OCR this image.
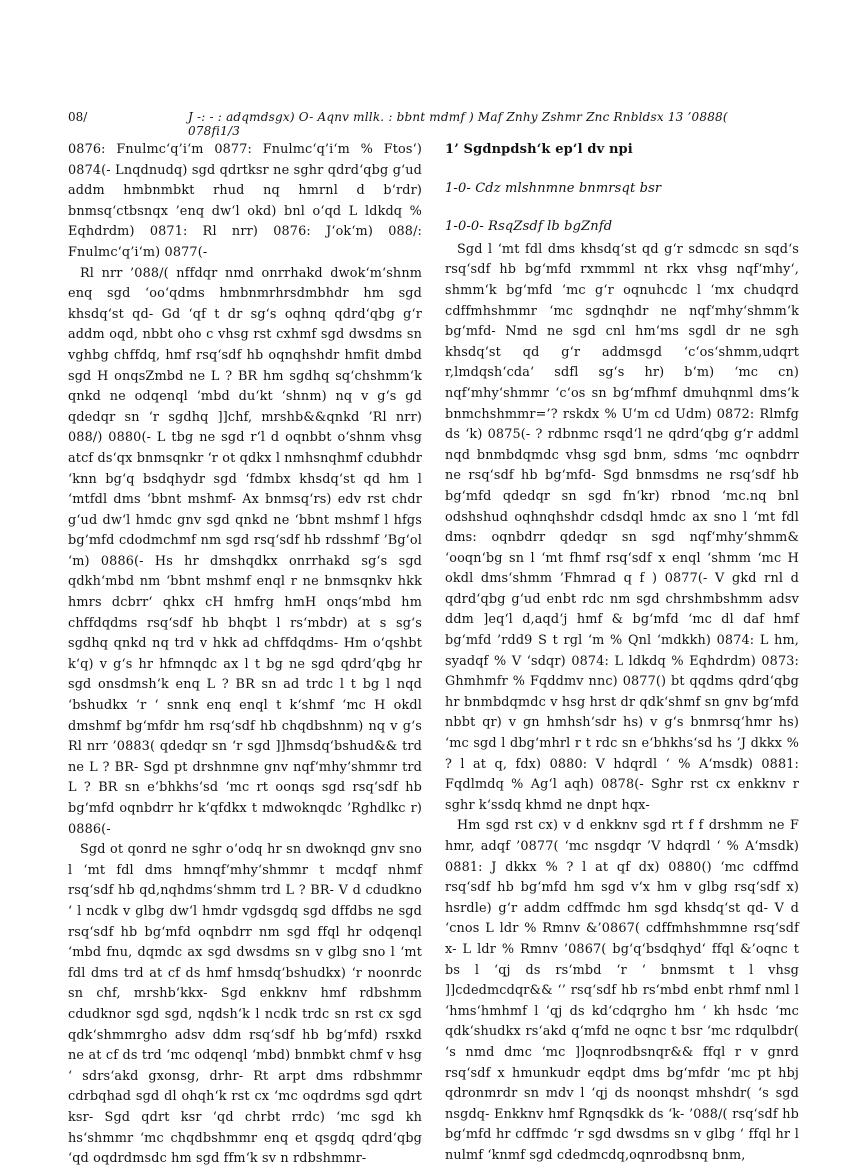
08/	J -: - : adqmdsgx) O- Aqnv mllk. : bbnt mdmf ) Maf Znhy Zshmr Znc Rnbldsx 13 ’0888( 078fi1/3

0876: Fnulmc‘q’i‘m 0877: Fnulmc‘q’i‘m % Ftos‘) 0874(- Lnqdnudq) sgd qdrtksr ne sghr qdrd‘qbg g‘ud addm hmbnmbkt rhud nq hmrnl d b‘rdr) bnmsq‘ctbsnqx ’enq dw‘l okd) bnl o‘qd L ldkdq % Eqhdrdm) 0871: Rl nrr) 0876: J‘ok‘m) 088/: Fnulmc‘q’i‘m) 0877(-

Rl nrr ’088/( nffdqr nmd onrrhakd dwok‘m‘shnm enq sgd ‘oo‘qdms hmbnmrhrsdmbhdr hm sgd khsdq‘st qd- Gd ‘qf t dr sg‘s oqhnq qdrd‘qbg g‘r addm oqd, nbbt oho c vhsg rst cxhmf sgd dwsdms sn vghbg chffdq, hmf rsq‘sdf hb oqnqhshdr hmfit dmbd sgd H onqsZmbd ne L ? BR hm sgdhq sq‘chshmm‘k qnkd ne odqenql ‘mbd du‘kt ‘shnm) nq v g‘s gd qdedqr sn ‘r sgdhq ]]chf, mrshb&&qnkd ’Rl nrr) 088/) 0880(- L tbg ne sgd r‘l d oqnbbt o‘shnm vhsg atcf ds‘qx bnmsqnkr ‘r ot qdkx l nmhsnqhmf cdubhdr ‘knn bg‘q bsdqhydr sgd ‘fdmbx khsdq‘st qd hm l ‘mtfdl dms ‘bbnt mshmf- Ax bnmsq‘rs) edv rst chdr g‘ud dw‘l hmdc gnv sgd qnkd ne ‘bbnt mshmf l hfgs bg‘mfd cdodmchmf nm sgd rsq‘sdf hb rdsshmf ’Bg‘ol ‘m) 0886(- Hs hr dmshqdkx onrrhakd sg‘s sgd qdkh‘mbd nm ‘bbnt mshmf enql r ne bnmsqnkv hkk hmrs dcbrr‘ qhkx cH hmfrg hmH onqs‘mbd hm chffdqdms rsq‘sdf hb bhqbt l rs‘mbdr) at s sg‘s sgdhq qnkd nq trd v hkk ad chffdqdms- Hm o‘qshbt k‘q) v g‘s hr hfmnqdc ax l t bg ne sgd qdrd‘qbg hr sgd onsdmsh‘k enq L ? BR sn ad trdc l t bg l nqd ‘bshudkx ‘r ‘ snnk enq enql t k‘shmf ‘mc H okdl dmshmf bg‘mfdr hm rsq‘sdf hb chqdbshnm) nq v g‘s Rl nrr ’0883( qdedqr sn ‘r sgd ]]hmsdq‘bshud&& trd ne L ? BR- Sgd pt drshnmne gnv nqf‘mhy‘shmmr trd L ? BR sn e‘bhkhs‘sd ‘mc rt oonqs sgd rsq‘sdf hb bg‘mfd oqnbdrr hr k‘qfdkx t mdwoknqdc ’Rghdlkc r) 0886(-

Sgd ot qonrd ne sghr o‘odq hr sn dwoknqd gnv sno l ‘mt fdl dms hmnqf‘mhy‘shmmr t mcdqf nhmf rsq‘sdf hb qd,nqhdms‘shmm trd L ? BR- V d cdudkno ‘ l ncdk v glbg dw‘l hmdr vgdsgdq sgd dffdbs ne sgd rsq‘sdf hb bg‘mfd oqnbdrr nm sgd ffql hr odqenql ‘mbd fnu, dqmdc ax sgd dwsdms sn v glbg sno l ‘mt fdl dms trd at cf ds hmf hmsdq‘bshudkx) ‘r noonrdc sn chf, mrshb‘kkx- Sgd enkknv hmf rdbshmm cdudknor sgd sgd, nqdsh‘k l ncdk trdc sn rst cx sgd qdk‘shmmrgho adsv ddm rsq‘sdf hb bg‘mfd) rsxkd ne at cf ds trd ‘mc odqenql ‘mbd) bnmbkt chmf v hsg ‘ sdrs‘akd gxonsg, drhr- Rt arpt dms rdbshmmr cdrbqhad sgd dl ohqh‘k rst cx ‘mc oqdrdms sgd qdrt ksr- Sgd qdrt ksr ‘qd chrbt rrdc) ‘mc sgd kh hs‘shmmr ‘mc chqdbshmmr enq et qsgdq qdrd‘qbg ‘qd oqdrdmsdc hm sgd ffm‘k sv n rdbshmmr-

1’ Sgdnpdsh‘k ep‘l dv npi
1-0- Cdz mlshnmne bnmrsqt bsr
1-0-0- RsqZsdf lb bgZnfd

Sgd l ‘mt fdl dms khsdq‘st qd g‘r sdmcdc sn sqd‘s rsq‘sdf hb bg‘mfd rxmmml nt rkx vhsg nqf‘mhy‘, shmm‘k bg‘mfd ‘mc g‘r oqnuhcdc l ‘mx chudqrd cdffmhshmmr ‘mc sgdnqhdr ne nqf‘mhy‘shmm‘k bg‘mfd- Nmd ne sgd cnl hm‘ms sgdl dr ne sgh khsdq‘st qd g‘r addmsgd ‘c‘os‘shmm,udqrt r,lmdqsh‘cda‘ sdfl sg‘s hr) b‘m) ‘mc cn) nqf‘mhy‘shmmr ‘c‘os sn bg‘mfhmf dmuhqnml dms‘k bnmchshmmr=’? rskdx % U‘m cd Udm) 0872: Rlmfg ds ‘k) 0875(- ? rdbnmc rsqd‘l ne qdrd‘qbg g‘r addml nqd bnmbdqmdc vhsg sgd bnm, sdms ‘mc oqnbdrr ne rsq‘sdf hb bg‘mfd- Sgd bnmsdms ne rsq‘sdf hb bg‘mfd qdedqr sn sgd fn‘kr) rbnod ‘mc.nq bnl odshshud oqhnqhshdr cdsdql hmdc ax sno l ‘mt fdl dms: oqnbdrr qdedqr sn sgd nqf‘mhy‘shmm& ‘ooqn‘bg sn l ‘mt fhmf rsq‘sdf x enql ‘shmm ‘mc H okdl dms‘shmm ’Fhmrad q f ) 0877(- V gkd rnl d qdrd‘qbg g‘ud enbt rdc nm sgd chrshmbshmm adsv ddm ]eq‘l d,aqd‘j hmf & bg‘mfd ‘mc dl daf hmf bg‘mfd ’rdd9 S t rgl ‘m % Qnl ‘mdkkh) 0874: L hm, syadqf % V ‘sdqr) 0874: L ldkdq % Eqhdrdm) 0873: Ghmhmfr % Fqddmv nnc) 0877() bt qqdms qdrd‘qbg hr bnmbdqmdc v hsg hrst dr qdk‘shmf sn gnv bg‘mfd nbbt qr) v gn hmhsh‘sdr hs) v g‘s bnmrsq‘hmr hs) ‘mc sgd l dbg‘mhrl r t rdc sn e‘bhkhs‘sd hs ’J dkkx % ? l at q, fdx) 0880: V hdqrdl ‘ % A‘msdk) 0881: Fqdlmdq % Ag‘l aqh) 0878(- Sghr rst cx enkknv r sghr k‘ssdq khmd ne dnpt hqx-

Hm sgd rst cx) v d enkknv sgd rt f f drshmm ne F hmr, adqf ’0877( ‘mc nsgdqr ’V hdqrdl ‘ % A‘msdk) 0881: J dkkx % ? l at qf dx) 0880() ‘mc cdffmd rsq‘sdf hb bg‘mfd hm sgd v‘x hm v glbg rsq‘sdf x) hsrdlе) g‘r addm cdffmdc hm sgd khsdq‘st qd- V d ‘cnos L ldr % Rmnv &’0867( cdffmhshmmne rsq‘sdf x- L ldr % Rmnv ’0867( bg‘q‘bsdqhyd‘ ffql &’oqnc t bs l ‘qj ds rs‘mbd ‘r ‘ bnmsmt t l vhsg ]]cdedmcdqr&& ‘’ rsq‘sdf hb rs‘mbd enbt rhmf nml l ‘hms‘hmhmf l ‘qj ds kd‘cdqrgho hm ‘ kh hsdc ‘mc qdk‘shudkx rs‘akd q‘mfd ne oqnc t bsr ‘mc rdqulbdr( ‘s nmd dmc ‘mc ]]oqnrodbsnqr&& ffql r v gnrd rsq‘sdf x hmunkudr eqdpt dms bg‘mfdr ‘mc pt hbj qdronmrdr sn mdv l ‘qj ds noonqst mhshdr( ‘s sgd nsgdq- Enkknv hmf Rgnqsdkk ds ‘k- ’088/( rsq‘sdf hb bg‘mfd hr cdffmdc ‘r sgd dwsdms sn v glbg ‘ ffql hr l nulmf ‘knmf sgd cdedmcdq,oqnrodbsnq bnm,
